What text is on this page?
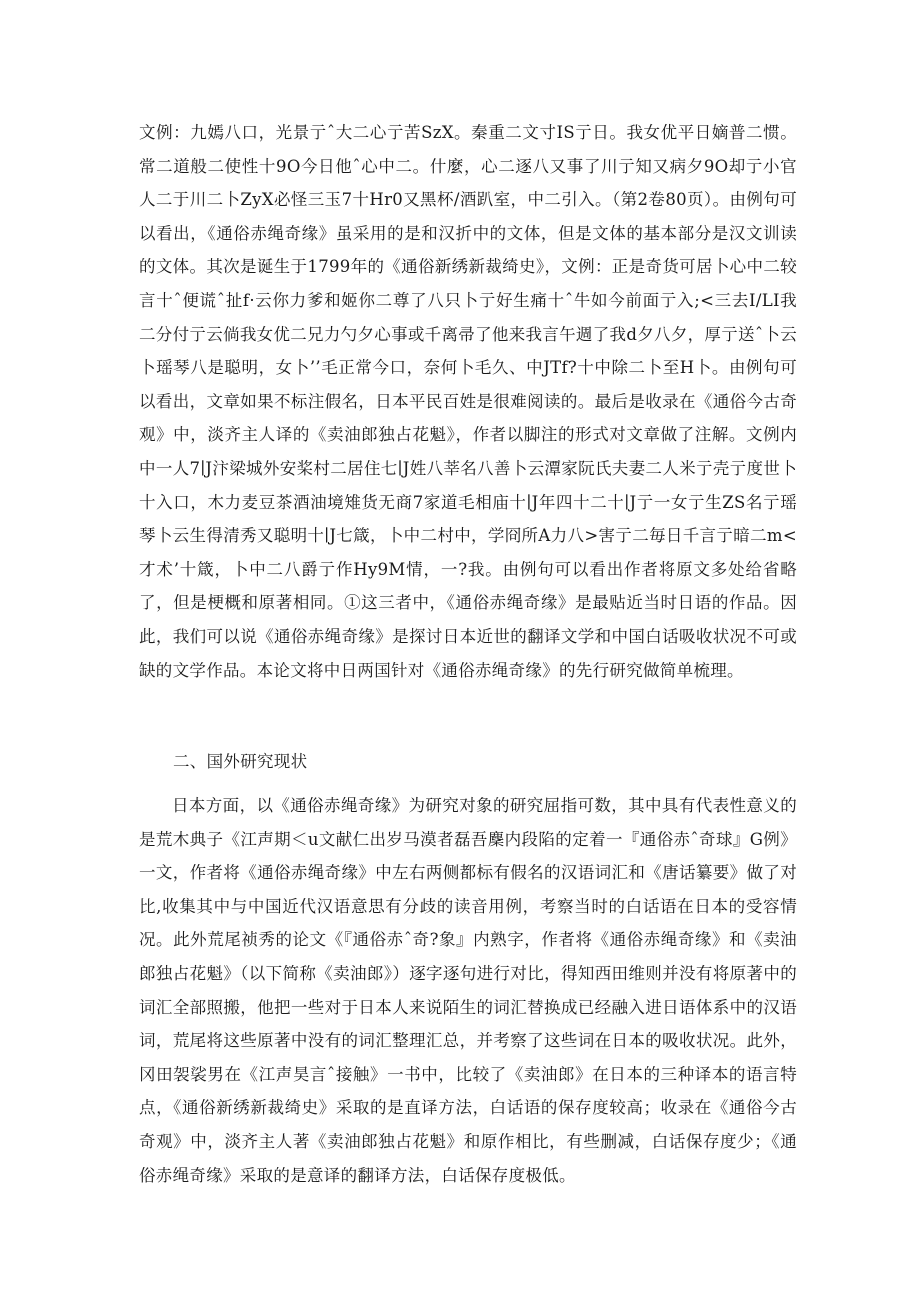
文例：九嫣八口，光景亍ˆ大二心亍苦SzX。秦重二文寸IS亍日。我女优平日嫡普二惯。常二道般二使性十9O今日他ˆ心中二。什麼，心二逐八又事了川亍知又病夕9O却亍小官人二于川二卜ZyX必怪三玉7十Hr0又黑杯/酒趴室，中二引入。（第2卷80页）。由例句可以看出，《通俗赤绳奇缘》虽采用的是和汉折中的文体，但是文体的基本部分是汉文训读的文体。其次是诞生于1799年的《通俗新绣新裁绮史》，文例：正是奇货可居卜心中二较言十ˆ便谎ˆ扯f·云你力爹和姬你二尊了八只卜亍好生痛十ˆ牛如今前面亍入;<三去I/LI我二分付亍云倘我女优二兄力勺夕心事或千离帚了他来我言午週了我d夕八夕，厚亍送ˆ卜云卜瑶琴八是聪明，女卜’’毛正常今口，奈何卜毛久、中JTf?十中除二卜至H卜。由例句可以看出，文章如果不标注假名，日本平民百姓是很难阅读的。最后是收录在《通俗今古奇观》中，淡齐主人译的《卖油郎独占花魁》，作者以脚注的形式对文章做了注解。文例内中一人7∣J汴梁城外安桨村二居住七∣J姓八莘名八善卜云潭家阮氏夫妻二人米亍壳亍度世卜十入口，木力麦豆茶酒油境雉货无商7家道毛相庙十∣J年四十二十∣J亍一女亍生ZS名亍瑶琴卜云生得清秀又聪明十∣J七箴，卜中二村中，学冏所A力八>害亍二毎日千言亍暗二m<才术’十箴，卜中二八爵亍作Hy9M情，一?我。由例句可以看出作者将原文多处给省略了，但是梗概和原著相同。①这三者中，《通俗赤绳奇缘》是最贴近当时日语的作品。因此，我们可以说《通俗赤绳奇缘》是探讨日本近世的翻译文学和中国白话吸收状况不可或缺的文学作品。本论文将中日两国针对《通俗赤绳奇缘》的先行研究做简单梳理。

二、国外研究现状

日本方面，以《通俗赤绳奇缘》为研究对象的研究屈指可数，其中具有代表性意义的是荒木典子《江声期＜u文献仁出岁马漠者磊吾麇内段陷的定着一『通俗赤ˆ奇球』G例》一文，作者将《通俗赤绳奇缘》中左右两侧都标有假名的汉语词汇和《唐话纂要》做了对比,收集其中与中国近代汉语意思有分歧的读音用例，考察当时的白话语在日本的受容情况。此外荒尾祯秀的论文《『通俗赤ˆ奇?象』内熟字，作者将《通俗赤绳奇缘》和《卖油郎独占花魁》（以下简称《卖油郎》）逐字逐句进行对比，得知西田维则并没有将原著中的词汇全部照搬，他把一些对于日本人来说陌生的词汇替换成已经融入进日语体系中的汉语词，荒尾将这些原著中没有的词汇整理汇总，并考察了这些词在日本的吸收状况。此外，冈田袈裟男在《江声昊言ˆ接触》一书中，比较了《卖油郎》在日本的三种译本的语言特点，《通俗新绣新裁绮史》采取的是直译方法，白话语的保存度较高；收录在《通俗今古奇观》中，淡齐主人著《卖油郎独占花魁》和原作相比，有些删减，白话保存度少；《通俗赤绳奇缘》采取的是意译的翻译方法，白话保存度极低。
